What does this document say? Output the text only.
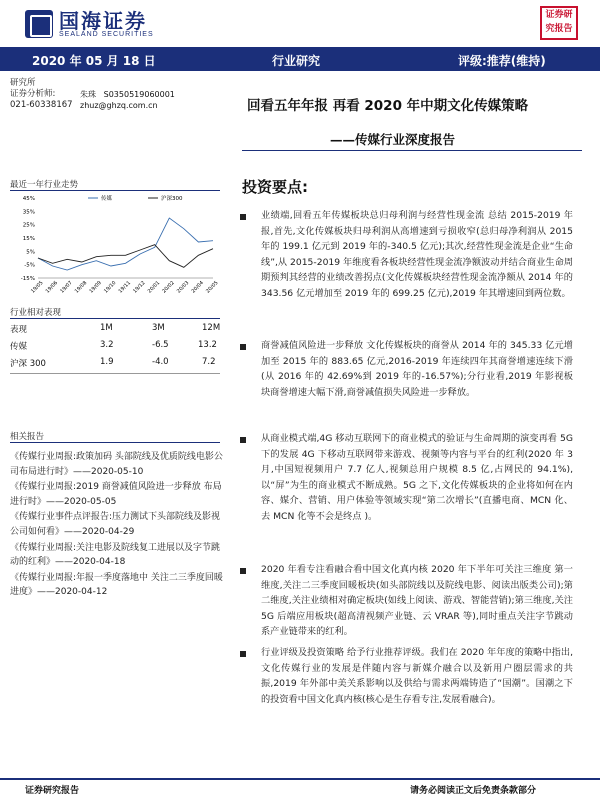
国海证券
SEALAND SECURITIES
证券研究报告
2020 年 05 月 18 日	行业研究	评级:推荐(维持)
研究所
证券分析师:
021-60338167
朱珠 S0350519060001
zhuz@ghzq.com.cn	回看五年年报 再看 2020 年中期文化传媒策略
——传媒行业深度报告
最近一年行业走势
45%
35%
25%
15%
5%
-5%
-15%
19/05 19/06 19/07 19/08 19/09 19/10 19/11 19/12 20/01 20/02 20/03 20/04 20/05
传媒	沪深300
行业相对表现
表现	1M	3M	12M
传媒	3.2	-6.5	13.2
沪深 300	1.9	-4.0	7.2
相关报告
《传媒行业周报:政策加码 头部院线及优质院线电影公司布局进行时》——2020-05-10
《传媒行业周报:2019 商誉减值风险进一步释放 布局进行时》——2020-05-05
《传媒行业事件点评报告:压力测试下头部院线及影视公司如何看》——2020-04-29
《传媒行业周报:关注电影及院线复工进展以及字节跳动的红利》——2020-04-18
《传媒行业周报:年报一季度落地中 关注二三季度回暖进度》——2020-04-12
投资要点:
业绩端,回看五年传媒板块总归母利润与经营性现金流 总结 2015-2019 年报,首先,文化传媒板块归母利润从高增速到亏损收窄(总归母净利润从 2015 年的 199.1 亿元到 2019 年的-340.5 亿元);其次,经营性现金流是企业“生命线”,从 2015-2019 年维度看各板块经营性现金流净额波动并结合商业生命周期预判其经营的业绩改善拐点(文化传媒板块经营性现金流净额从 2014 年的 343.56 亿元增加至 2019 年的 699.25 亿元),2019 年其增速回到两位数。
商誉减值风险进一步释放 文化传媒板块的商誉从 2014 年的 345.33 亿元增加至 2015 年的 883.65 亿元,2016-2019 年连续四年其商誉增速连续下滑(从 2016 年的 42.69%到 2019 年的-16.57%);分行业看,2019 年影视板块商誉增速大幅下滑,商誉减值损失风险进一步释放。
从商业模式端,4G 移动互联网下的商业模式的验证与生命周期的演变再看 5G 下的发展 4G 下移动互联网带来游戏、视频等内容与平台的红利(2020 年 3 月,中国短视频用户 7.7 亿人,视频总用户规模 8.5 亿,占网民的 94.1%),以“屏”为生的商业模式不断成熟。5G 之下,文化传媒板块的企业将如何在内容、媒介、营销、用户体验等领域实现“第二次增长”(直播电商、MCN 化、去 MCN 化等不会是终点 )。
2020 年看专注看融合看中国文化真内核 2020 年下半年可关注三维度 第一维度,关注二三季度回暖板块(如头部院线以及院线电影、阅读出版类公司);第二维度,关注业绩相对确定板块(如线上阅读、游戏、智能营销);第三维度,关注 5G 后端应用板块(超高清视频产业链、云 VRAR 等),同时重点关注字节跳动系产业链带来的红利。
行业评级及投资策略 给予行业推荐评级。我们在 2020 年年度的策略中指出,文化传媒行业的发展是伴随内容与新媒介融合以及新用户圈层需求的共振,2019 年外部中美关系影响以及供给与需求两端铸造了“国潮”。国潮之下的投资看中国文化真内核(核心是生存看专注,发展看融合)。
证券研究报告	请务必阅读正文后免责条款部分
